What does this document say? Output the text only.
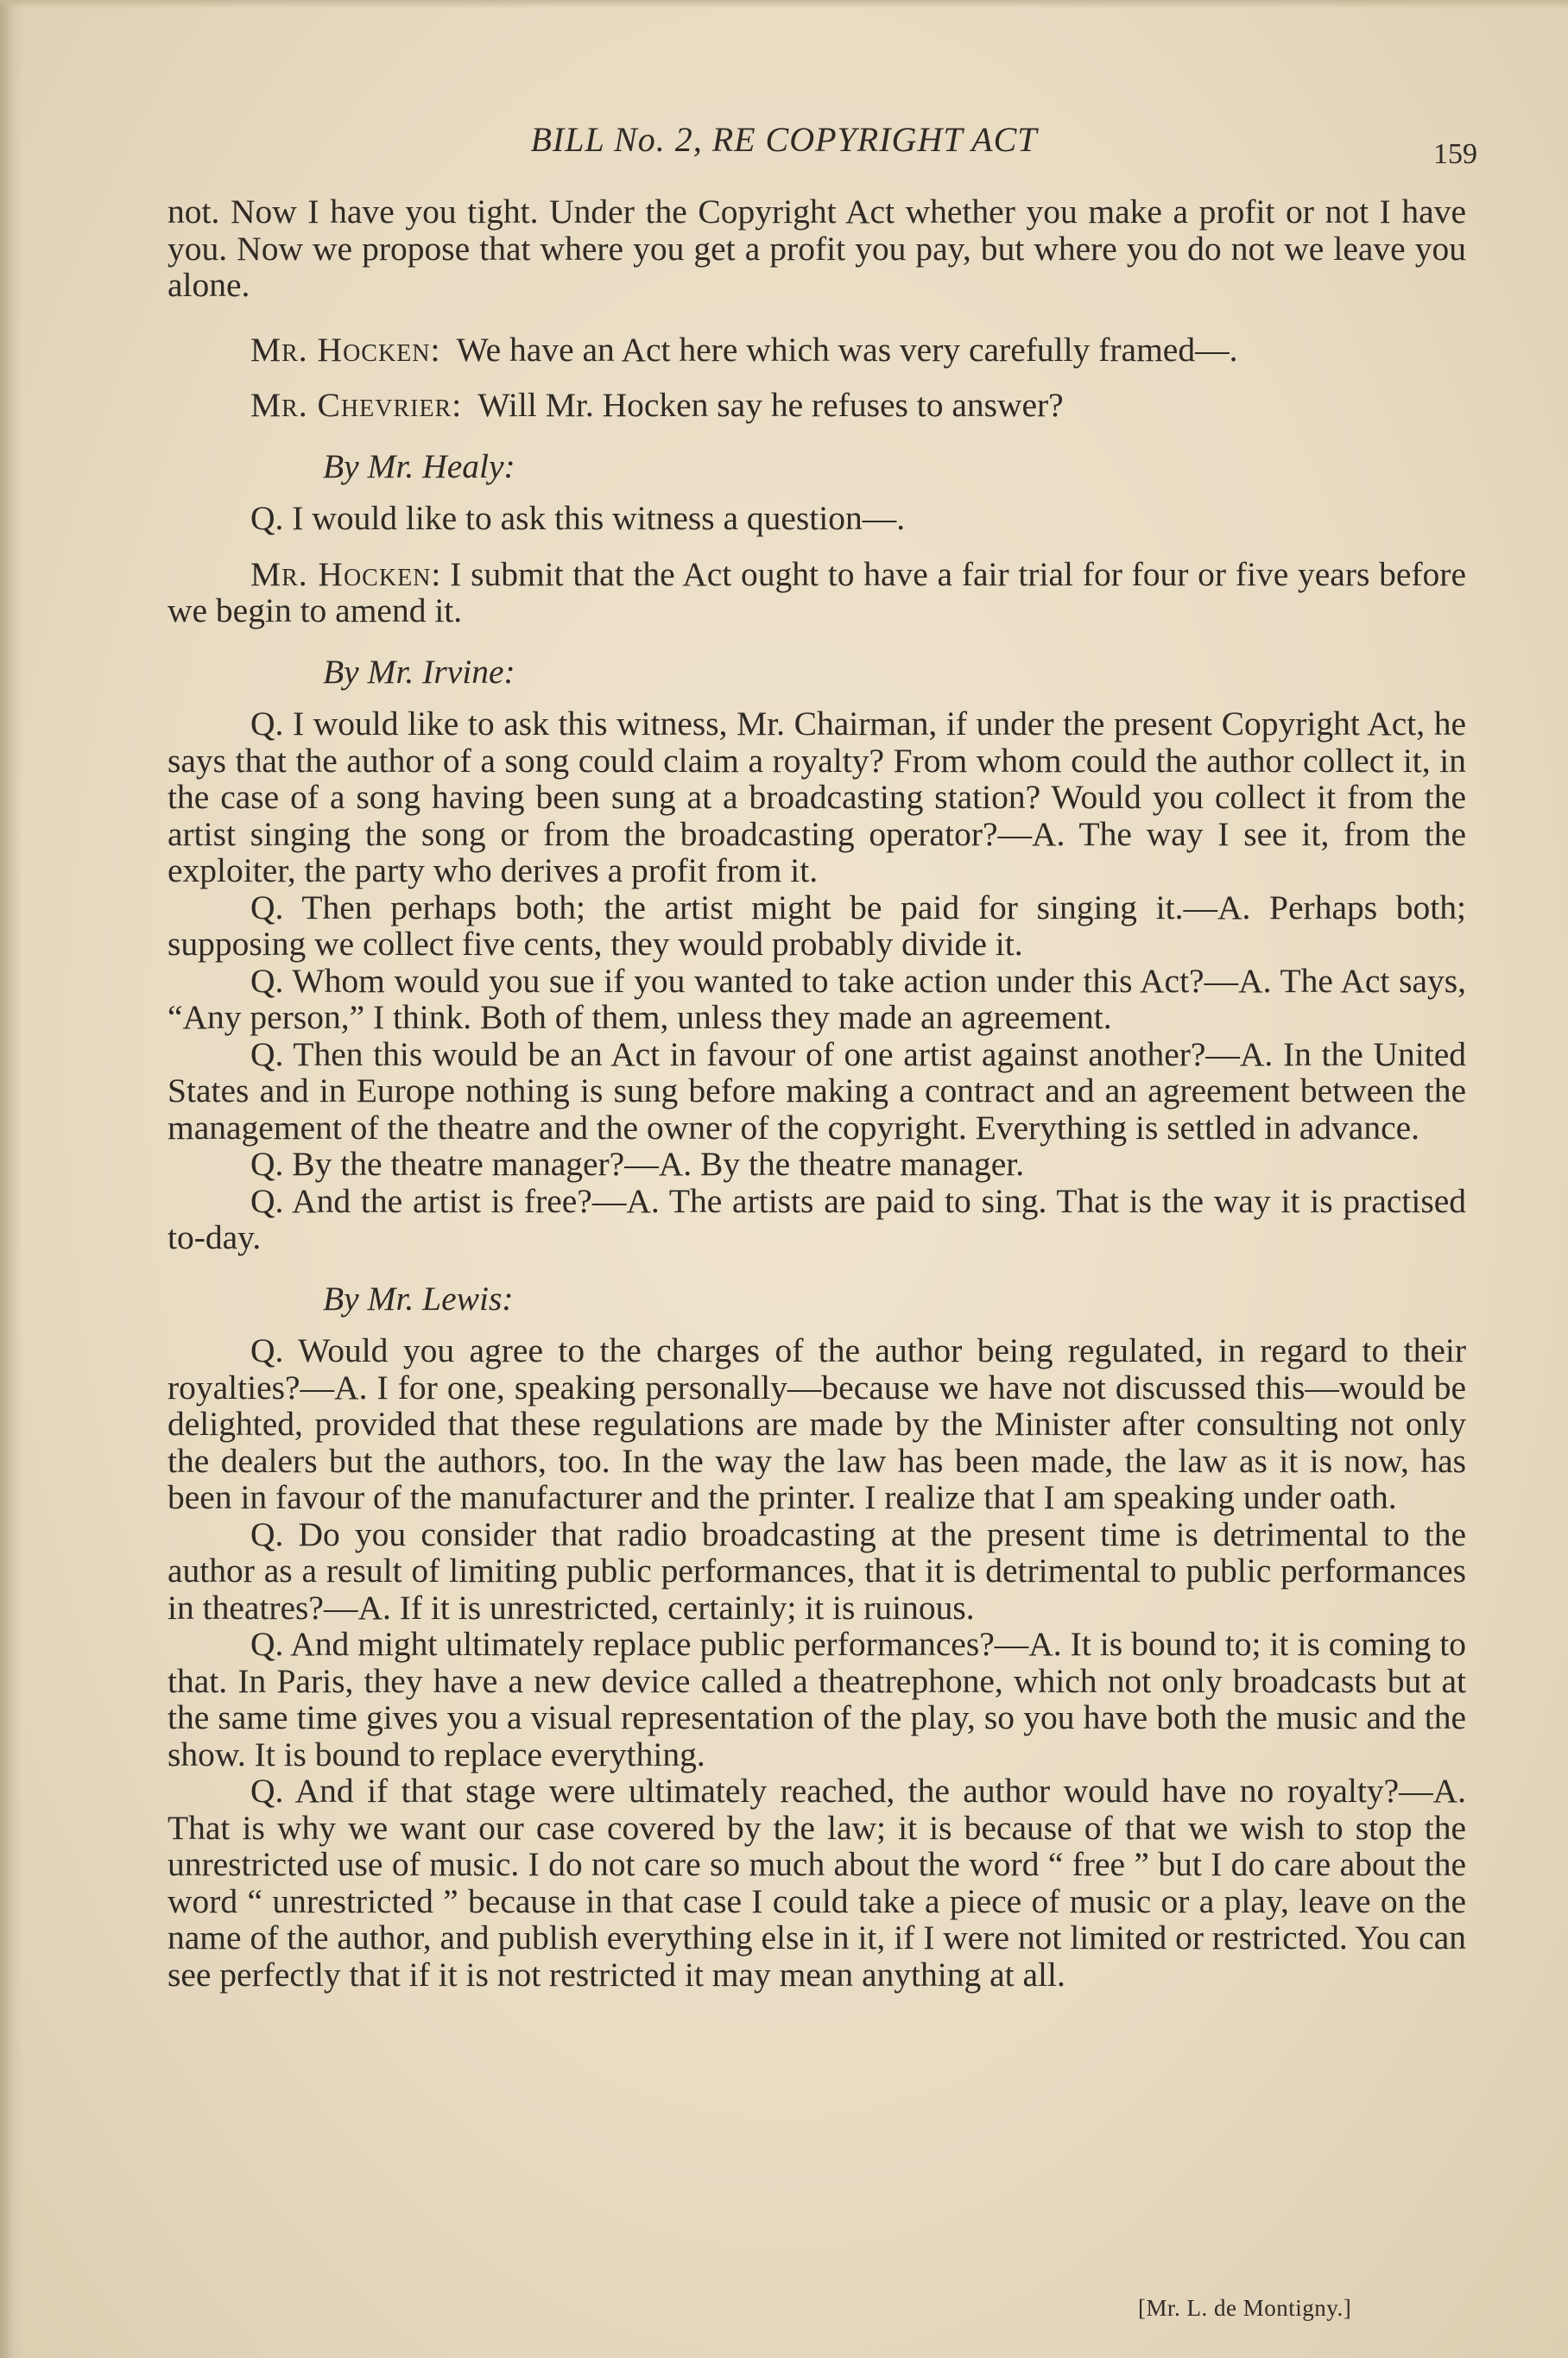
BILL No. 2, RE COPYRIGHT ACT	159

not. Now I have you tight. Under the Copyright Act whether you make a profit or not I have you. Now we propose that where you get a profit you pay, but where you do not we leave you alone.

Mr. Hocken:  We have an Act here which was very carefully framed—.

Mr. Chevrier:  Will Mr. Hocken say he refuses to answer?

By Mr. Healy:

Q. I would like to ask this witness a question—.

Mr. Hocken: I submit that the Act ought to have a fair trial for four or five years before we begin to amend it.

By Mr. Irvine:

Q. I would like to ask this witness, Mr. Chairman, if under the present Copyright Act, he says that the author of a song could claim a royalty? From whom could the author collect it, in the case of a song having been sung at a broadcasting station? Would you collect it from the artist singing the song or from the broadcasting operator?—A. The way I see it, from the exploiter, the party who derives a profit from it.

Q. Then perhaps both; the artist might be paid for singing it.—A. Perhaps both; supposing we collect five cents, they would probably divide it.

Q. Whom would you sue if you wanted to take action under this Act?—A. The Act says, “Any person,” I think. Both of them, unless they made an agreement.

Q. Then this would be an Act in favour of one artist against another?—A. In the United States and in Europe nothing is sung before making a contract and an agreement between the management of the theatre and the owner of the copyright. Everything is settled in advance.

Q. By the theatre manager?—A. By the theatre manager.

Q. And the artist is free?—A. The artists are paid to sing. That is the way it is practised to-day.

By Mr. Lewis:

Q. Would you agree to the charges of the author being regulated, in regard to their royalties?—A. I for one, speaking personally—because we have not discussed this—would be delighted, provided that these regulations are made by the Minister after consulting not only the dealers but the authors, too. In the way the law has been made, the law as it is now, has been in favour of the manufacturer and the printer. I realize that I am speaking under oath.

Q. Do you consider that radio broadcasting at the present time is detrimental to the author as a result of limiting public performances, that it is detrimental to public performances in theatres?—A. If it is unrestricted, certainly; it is ruinous.

Q. And might ultimately replace public performances?—A. It is bound to; it is coming to that. In Paris, they have a new device called a theatrephone, which not only broadcasts but at the same time gives you a visual representation of the play, so you have both the music and the show. It is bound to replace everything.

Q. And if that stage were ultimately reached, the author would have no royalty?—A. That is why we want our case covered by the law; it is because of that we wish to stop the unrestricted use of music. I do not care so much about the word “ free ” but I do care about the word “ unrestricted ” because in that case I could take a piece of music or a play, leave on the name of the author, and publish everything else in it, if I were not limited or restricted. You can see perfectly that if it is not restricted it may mean anything at all.

[Mr. L. de Montigny.]
